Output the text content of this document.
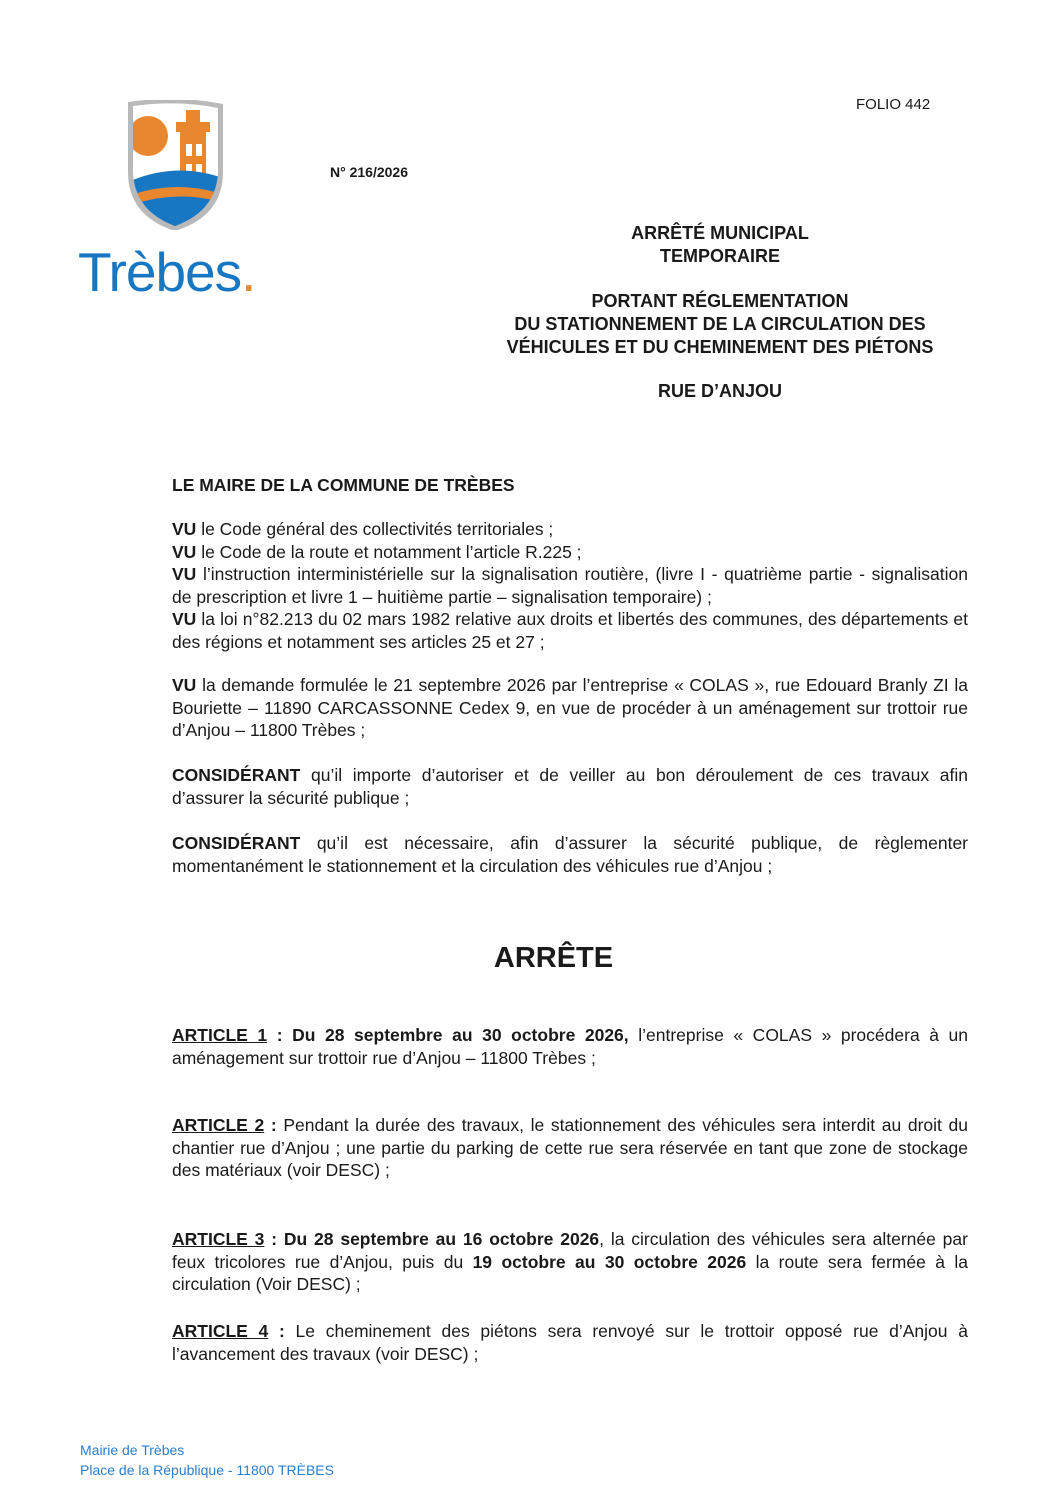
FOLIO 442
Trèbes.
N° 216/2026
ARRÊTÉ MUNICIPAL
TEMPORAIRE
PORTANT RÉGLEMENTATION
DU STATIONNEMENT DE LA CIRCULATION DES
VÉHICULES ET DU CHEMINEMENT DES PIÉTONS
RUE D’ANJOU
LE MAIRE DE LA COMMUNE DE TRÈBES

VU le Code général des collectivités territoriales ;

VU le Code de la route et notamment l’article R.225 ;

VU l’instruction interministérielle sur la signalisation routière, (livre I - quatrième partie - signalisation de prescription et livre 1 – huitième partie – signalisation temporaire) ;

VU la loi n°82.213 du 02 mars 1982 relative aux droits et libertés des communes, des départements et des régions et notamment ses articles 25 et 27 ;

VU la demande formulée le 21 septembre 2026 par l’entreprise « COLAS », rue Edouard Branly ZI la Bouriette – 11890 CARCASSONNE Cedex 9, en vue de procéder à un aménagement sur trottoir rue d’Anjou – 11800 Trèbes ;

CONSIDÉRANT qu’il importe d’autoriser et de veiller au bon déroulement de ces travaux afin d’assurer la sécurité publique ;

CONSIDÉRANT qu’il est nécessaire, afin d’assurer la sécurité publique, de règlementer momentanément le stationnement et la circulation des véhicules rue d’Anjou ;

ARRÊTE

ARTICLE 1 : Du 28 septembre au 30 octobre 2026, l’entreprise « COLAS » procédera à un aménagement sur trottoir rue d’Anjou – 11800 Trèbes ;

ARTICLE 2 : Pendant la durée des travaux, le stationnement des véhicules sera interdit au droit du chantier rue d’Anjou ; une partie du parking de cette rue sera réservée en tant que zone de stockage des matériaux (voir DESC) ;

ARTICLE 3 : Du 28 septembre au 16 octobre 2026, la circulation des véhicules sera alternée par feux tricolores rue d’Anjou, puis du 19 octobre au 30 octobre 2026 la route sera fermée à la circulation (Voir DESC) ;

ARTICLE 4 : Le cheminement des piétons sera renvoyé sur le trottoir opposé rue d’Anjou à l’avancement des travaux (voir DESC) ;

Mairie de Trèbes
Place de la République - 11800 TRÈBES
